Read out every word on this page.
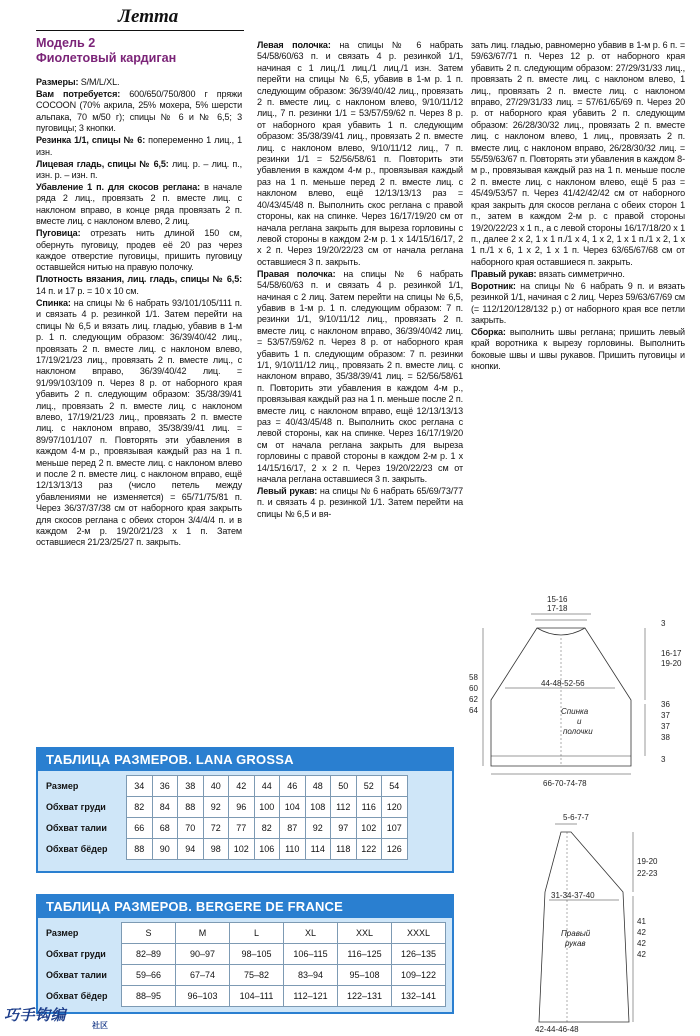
Летта
Модель 2
Фиолетовый кардиган

Размеры: S/M/L/XL.

Вам потребуется: 600/650/750/800 г пряжи COCOON (70% акрила, 25% мохера, 5% шерсти альпака, 70 м/50 г); спицы № 6 и № 6,5; 3 пуговицы; 3 кнопки.

Резинка 1/1, спицы № 6: попеременно 1 лиц., 1 изн.

Лицевая гладь, спицы № 6,5: лиц. р. – лиц. п., изн. р. – изн. п.

Убавление 1 п. для скосов реглана: в начале ряда 2 лиц., провязать 2 п. вместе лиц. с наклоном вправо, в конце ряда провязать 2 п. вместе лиц. с наклоном влево, 2 лиц.

Пуговица: отрезать нить длиной 150 см, обернуть пуговицу, продев её 20 раз через каждое отверстие пуговицы, пришить пуговицу оставшейся нитью на правую полочку.

Плотность вязания, лиц. гладь, спицы № 6,5: 14 п. и 17 р. = 10 x 10 см.

Спинка: на спицы № 6 набрать 93/101/105/111 п. и связать 4 р. резинкой 1/1. Затем перейти на спицы № 6,5 и вязать лиц. гладью, убавив в 1-м р. 1 п. следующим образом: 36/39/40/42 лиц., провязать 2 п. вместе лиц. с наклоном влево, 17/19/21/23 лиц., провязать 2 п. вместе лиц., с наклоном вправо, 36/39/40/42 лиц. = 91/99/103/109 п. Через 8 р. от наборного края убавить 2 п. следующим образом: 35/38/39/41 лиц., провязать 2 п. вместе лиц. с наклоном влево, 17/19/21/23 лиц., провязать 2 п. вместе лиц. с наклоном вправо, 35/38/39/41 лиц. = 89/97/101/107 п. Повторять эти убавления в каждом 4-м р., провязывая каждый раз на 1 п. меньше перед 2 п. вместе лиц. с наклоном влево и после 2 п. вместе лиц. с наклоном вправо, ещё 12/13/13/13 раз (число петель между убавлениями не изменяется) = 65/71/75/81 п. Через 36/37/37/38 см от наборного края закрыть для скосов реглана с обеих сторон 3/4/4/4 п. и в каждом 2-м р. 19/20/21/23 x 1 п. Затем оставшиеся 21/23/25/27 п. закрыть.

Левая полочка: на спицы № 6 набрать 54/58/60/63 п. и связать 4 р. резинкой 1/1, начиная с 1 лиц./1 лиц./1 лиц./1 изн. Затем перейти на спицы № 6,5, убавив в 1-м р. 1 п. следующим образом: 36/39/40/42 лиц., провязать 2 п. вместе лиц. с наклоном влево, 9/10/11/12 лиц., 7 п. резинки 1/1 = 53/57/59/62 п. Через 8 р. от наборного края убавить 1 п. следующим образом: 35/38/39/41 лиц., провязать 2 п. вместе лиц. с наклоном влево, 9/10/11/12 лиц., 7 п. резинки 1/1 = 52/56/58/61 п. Повторить эти убавления в каждом 4-м р., провязывая каждый раз на 1 п. меньше перед 2 п. вместе лиц. с наклоном влево, ещё 12/13/13/13 раз = 40/43/45/48 п. Выполнить скос реглана с правой стороны, как на спинке. Через 16/17/19/20 см от начала реглана закрыть для выреза горловины с левой стороны в каждом 2-м р. 1 x 14/15/16/17, 2 x 2 п. Через 19/20/22/23 см от начала реглана оставшиеся 3 п. закрыть.

Правая полочка: на спицы № 6 набрать 54/58/60/63 п. и связать 4 р. резинкой 1/1, начиная с 2 лиц. Затем перейти на спицы № 6,5, убавив в 1-м р. 1 п. следующим образом: 7 п. резинки 1/1, 9/10/11/12 лиц., провязать 2 п. вместе лиц. с наклоном вправо, 36/39/40/42 лиц. = 53/57/59/62 п. Через 8 р. от наборного края убавить 1 п. следующим образом: 7 п. резинки 1/1, 9/10/11/12 лиц., провязать 2 п. вместе лиц. с наклоном вправо, 35/38/39/41 лиц. = 52/56/58/61 п. Повторить эти убавления в каждом 4-м р., провязывая каждый раз на 1 п. меньше после 2 п. вместе лиц. с наклоном вправо, ещё 12/13/13/13 раз = 40/43/45/48 п. Выполнить скос реглана с левой стороны, как на спинке. Через 16/17/19/20 см от начала реглана закрыть для выреза горловины с правой стороны в каждом 2-м р. 1 x 14/15/16/17, 2 x 2 п. Через 19/20/22/23 см от начала реглана оставшиеся 3 п. закрыть.

Левый рукав: на спицы № 6 набрать 65/69/73/77 п. и связать 4 р. резинкой 1/1. Затем перейти на спицы № 6,5 и вя-

зать лиц. гладью, равномерно убавив в 1-м р. 6 п. = 59/63/67/71 п. Через 12 р. от наборного края убавить 2 п. следующим образом: 27/29/31/33 лиц., провязать 2 п. вместе лиц. с наклоном влево, 1 лиц., провязать 2 п. вместе лиц. с наклоном вправо, 27/29/31/33 лиц. = 57/61/65/69 п. Через 20 р. от наборного края убавить 2 п. следующим образом: 26/28/30/32 лиц., провязать 2 п. вместе лиц. с наклоном влево, 1 лиц., провязать 2 п. вместе лиц. с наклоном вправо, 26/28/30/32 лиц. = 55/59/63/67 п. Повторять эти убавления в каждом 8-м р., провязывая каждый раз на 1 п. меньше после 2 п. вместе лиц. с наклоном влево, ещё 5 раз = 45/49/53/57 п. Через 41/42/42/42 см от наборного края закрыть для скосов реглана с обеих сторон 1 п., затем в каждом 2-м р. с правой стороны 19/20/22/23 x 1 п., а с левой стороны 16/17/18/20 x 1 п., далее 2 x 2, 1 x 1 п./1 x 4, 1 x 2, 1 x 1 п./1 x 2, 1 x 1 п./1 x 6, 1 x 2, 1 x 1 п. Через 63/65/67/68 см от наборного края оставшиеся п. закрыть.

Правый рукав: вязать симметрично.

Воротник: на спицы № 6 набрать 9 п. и вязать резинкой 1/1, начиная с 2 лиц. Через 59/63/67/69 см (= 112/120/128/132 р.) от наборного края все петли закрыть.

Сборка: выполнить швы реглана; пришить левый край воротника к вырезу горловины. Выполнить боковые швы и швы рукавов. Пришить пуговицы и кнопки.

15-16
17-18
3
16-17
19-20
58
60
62
64
44-48-52-56
36
37
37
38
Спинка
и
полочки
3
66-70-74-78
5-6-7-7
19-20
22-23
31-34-37-40
Правый
рукав
41
42
42
42
42-44-46-48
ТАБЛИЦА РАЗМЕРОВ. LANA GROSSA
Размер	34	36	38	40	42	44	46	48	50	52	54
Обхват груди	82	84	88	92	96	100	104	108	112	116	120
Обхват талии	66	68	70	72	77	82	87	92	97	102	107
Обхват бёдер	88	90	94	98	102	106	110	114	118	122	126
ТАБЛИЦА РАЗМЕРОВ. BERGERE DE FRANCE
Размер	S	M	L	XL	XXL	XXXL
Обхват груди	82–89	90–97	98–105	106–115	116–125	126–135
Обхват талии	59–66	67–74	75–82	83–94	95–108	109–122
Обхват бёдер	88–95	96–103	104–111	112–121	122–131	132–141
巧手钩编
社区
